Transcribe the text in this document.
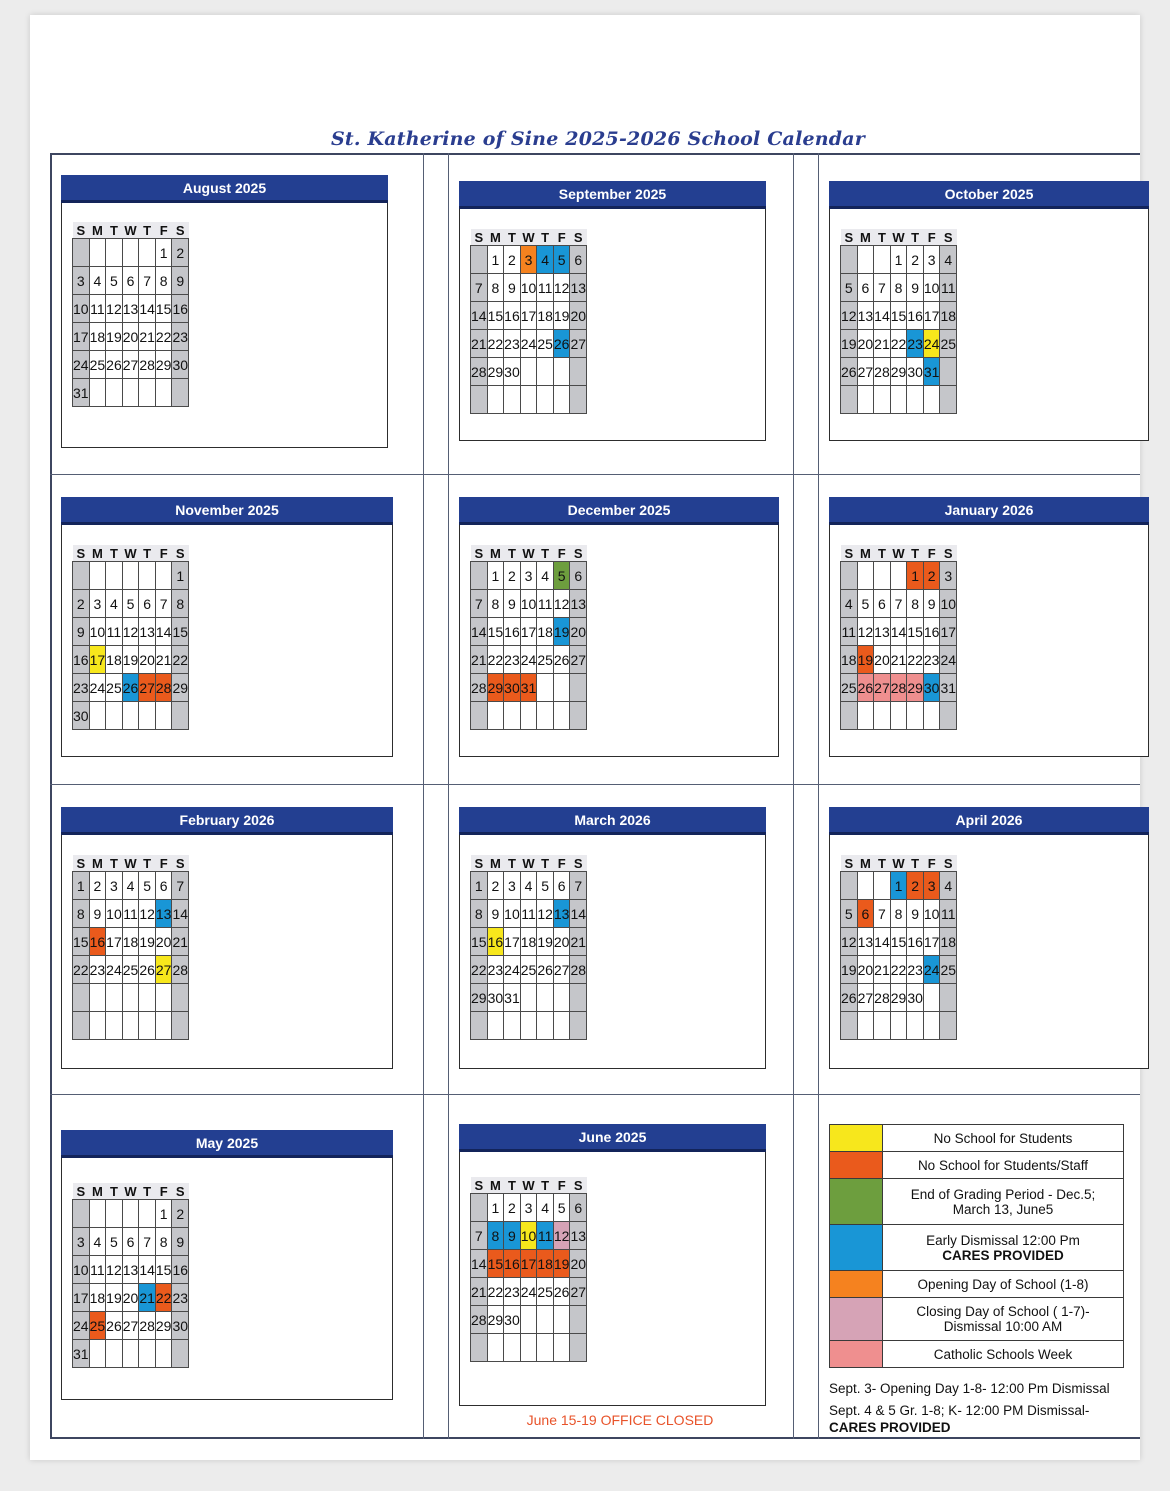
St. Katherine of Sine 2025-2026 School Calendar
August 2025
S	M	T	W	T	F	S
					1	2
3	4	5	6	7	8	9
10	11	12	13	14	15	16
17	18	19	20	21	22	23
24	25	26	27	28	29	30
31						
September 2025
S	M	T	W	T	F	S
	1	2	3	4	5	6
7	8	9	10	11	12	13
14	15	16	17	18	19	20
21	22	23	24	25	26	27
28	29	30				

October 2025
S	M	T	W	T	F	S
			1	2	3	4
5	6	7	8	9	10	11
12	13	14	15	16	17	18
19	20	21	22	23	24	25
26	27	28	29	30	31	

November 2025
S	M	T	W	T	F	S
						1
2	3	4	5	6	7	8
9	10	11	12	13	14	15
16	17	18	19	20	21	22
23	24	25	26	27	28	29
30						
December 2025
S	M	T	W	T	F	S
	1	2	3	4	5	6
7	8	9	10	11	12	13
14	15	16	17	18	19	20
21	22	23	24	25	26	27
28	29	30	31			

January 2026
S	M	T	W	T	F	S
				1	2	3
4	5	6	7	8	9	10
11	12	13	14	15	16	17
18	19	20	21	22	23	24
25	26	27	28	29	30	31

February 2026
S	M	T	W	T	F	S
1	2	3	4	5	6	7
8	9	10	11	12	13	14
15	16	17	18	19	20	21
22	23	24	25	26	27	28

March 2026
S	M	T	W	T	F	S
1	2	3	4	5	6	7
8	9	10	11	12	13	14
15	16	17	18	19	20	21
22	23	24	25	26	27	28
29	30	31				

April 2026
S	M	T	W	T	F	S
			1	2	3	4
5	6	7	8	9	10	11
12	13	14	15	16	17	18
19	20	21	22	23	24	25
26	27	28	29	30		

May 2025
S	M	T	W	T	F	S
					1	2
3	4	5	6	7	8	9
10	11	12	13	14	15	16
17	18	19	20	21	22	23
24	25	26	27	28	29	30
31						
June 2025
S	M	T	W	T	F	S
	1	2	3	4	5	6
7	8	9	10	11	12	13
14	15	16	17	18	19	20
21	22	23	24	25	26	27
28	29	30				

June 15-19 OFFICE CLOSED

	No School for Students

	No School for Students/Staff

	End of Grading Period - Dec.5;
March 13, June5

	Early Dismissal 12:00 Pm
CARES PROVIDED

	Opening Day of School (1-8)

	Closing Day of School ( 1-7)-
Dismissal 10:00 AM

	Catholic Schools Week
Sept. 3- Opening Day 1-8- 12:00 Pm Dismissal
Sept. 4 & 5 Gr. 1-8; K- 12:00 PM Dismissal-
CARES PROVIDED
